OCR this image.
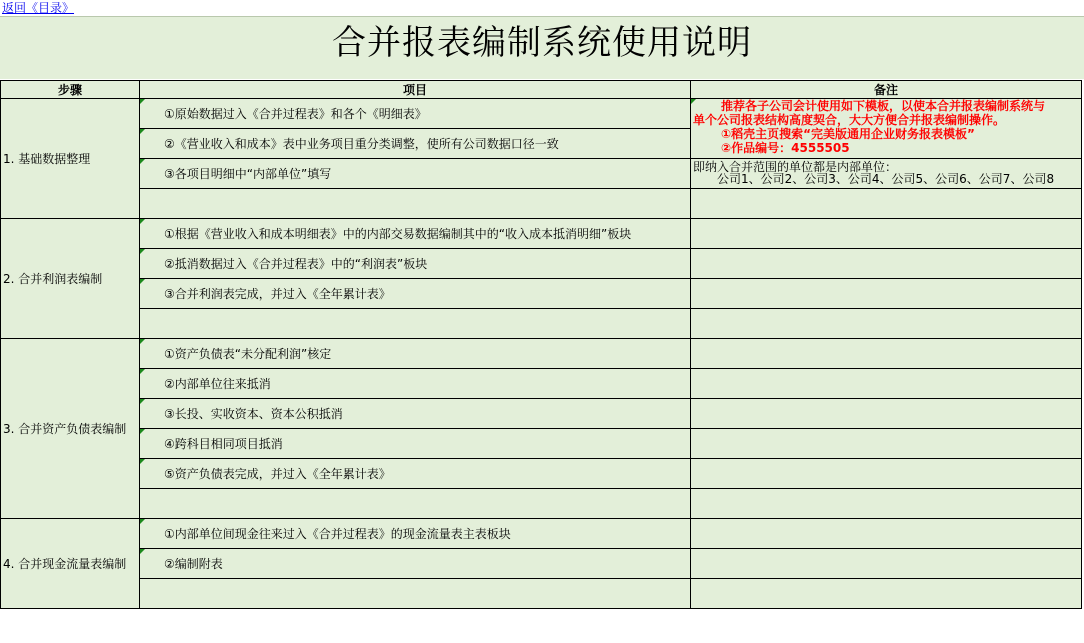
返回《目录》
合并报表编制系统使用说明
步骤	项目	备注
1. 基础数据整理	①原始数据过入《合并过程表》和各个《明细表》	推荐各子公司会计使用如下模板，以使本合并报表编制系统与
单个公司报表结构高度契合，大大方便合并报表编制操作。
①稻壳主页搜索“完美版通用企业财务报表模板”
②作品编号：4555505

②《营业收入和成本》表中业务项目重分类调整，使所有公司数据口径一致	

③各项目明细中“内部单位”填写	即纳入合并范围的单位都是内部单位：
公司1、公司2、公司3、公司4、公司5、公司6、公司7、公司8

2. 合并利润表编制	①根据《营业收入和成本明细表》中的内部交易数据编制其中的“收入成本抵消明细”板块	

②抵消数据过入《合并过程表》中的“利润表”板块	

③合并利润表完成，并过入《全年累计表》	

3. 合并资产负债表编制	①资产负债表“未分配利润”核定	

②内部单位往来抵消	

③长投、实收资本、资本公积抵消	

④跨科目相同项目抵消	

⑤资产负债表完成，并过入《全年累计表》	

4. 合并现金流量表编制	①内部单位间现金往来过入《合并过程表》的现金流量表主表板块	

②编制附表	
